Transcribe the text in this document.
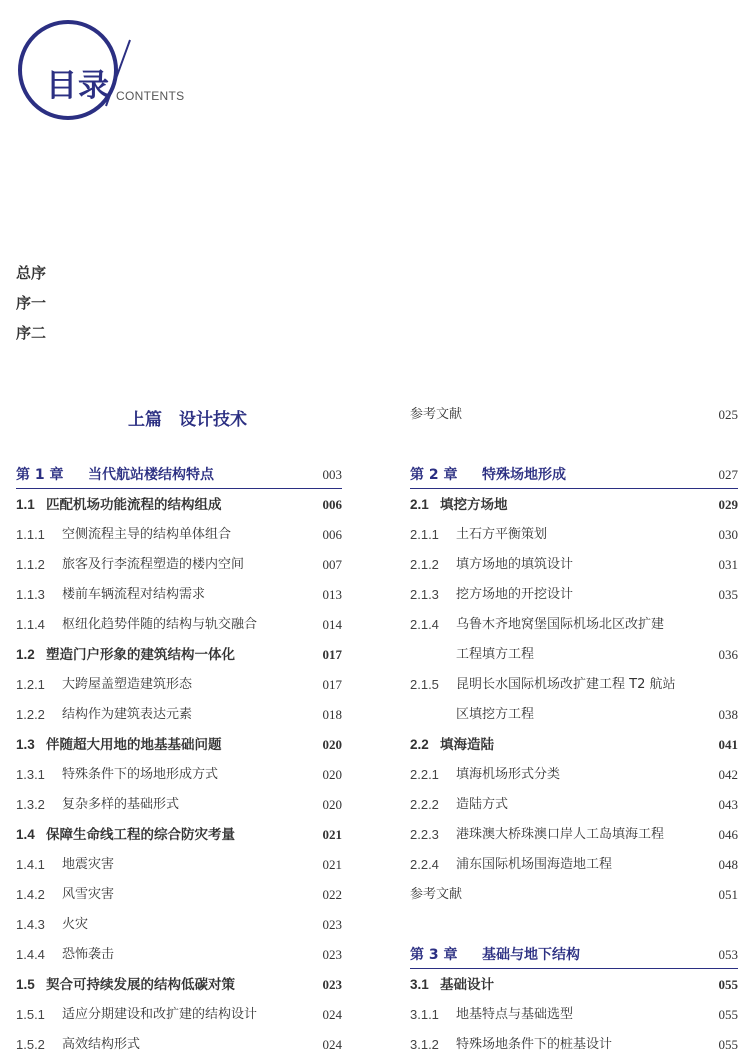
目录 CONTENTS
总序
序一
序二
上篇　设计技术
第 1 章 当代航站楼结构特点	003
1.1 匹配机场功能流程的结构组成	006
1.1.1 空侧流程主导的结构单体组合	006
1.1.2 旅客及行李流程塑造的楼内空间	007
1.1.3 楼前车辆流程对结构需求	013
1.1.4 枢纽化趋势伴随的结构与轨交融合	014
1.2 塑造门户形象的建筑结构一体化	017
1.2.1 大跨屋盖塑造建筑形态	017
1.2.2 结构作为建筑表达元素	018
1.3 伴随超大用地的地基基础问题	020
1.3.1 特殊条件下的场地形成方式	020
1.3.2 复杂多样的基础形式	020
1.4 保障生命线工程的综合防灾考量	021
1.4.1 地震灾害	021
1.4.2 风雪灾害	022
1.4.3 火灾	023
1.4.4 恐怖袭击	023
1.5 契合可持续发展的结构低碳对策	023
1.5.1 适应分期建设和改扩建的结构设计	024
1.5.2 高效结构形式	024
参考文献	025
第 2 章 特殊场地形成	027
2.1 填挖方场地	029
2.1.1 土石方平衡策划	030
2.1.2 填方场地的填筑设计	031
2.1.3 挖方场地的开挖设计	035
2.1.4 乌鲁木齐地窝堡国际机场北区改扩建
工程填方工程	036
2.1.5 昆明长水国际机场改扩建工程 T2 航站
区填挖方工程	038
2.2 填海造陆	041
2.2.1 填海机场形式分类	042
2.2.2 造陆方式	043
2.2.3 港珠澳大桥珠澳口岸人工岛填海工程	046
2.2.4 浦东国际机场围海造地工程	048
参考文献	051
第 3 章 基础与地下结构	053
3.1 基础设计	055
3.1.1 地基特点与基础选型	055
3.1.2 特殊场地条件下的桩基设计	055
